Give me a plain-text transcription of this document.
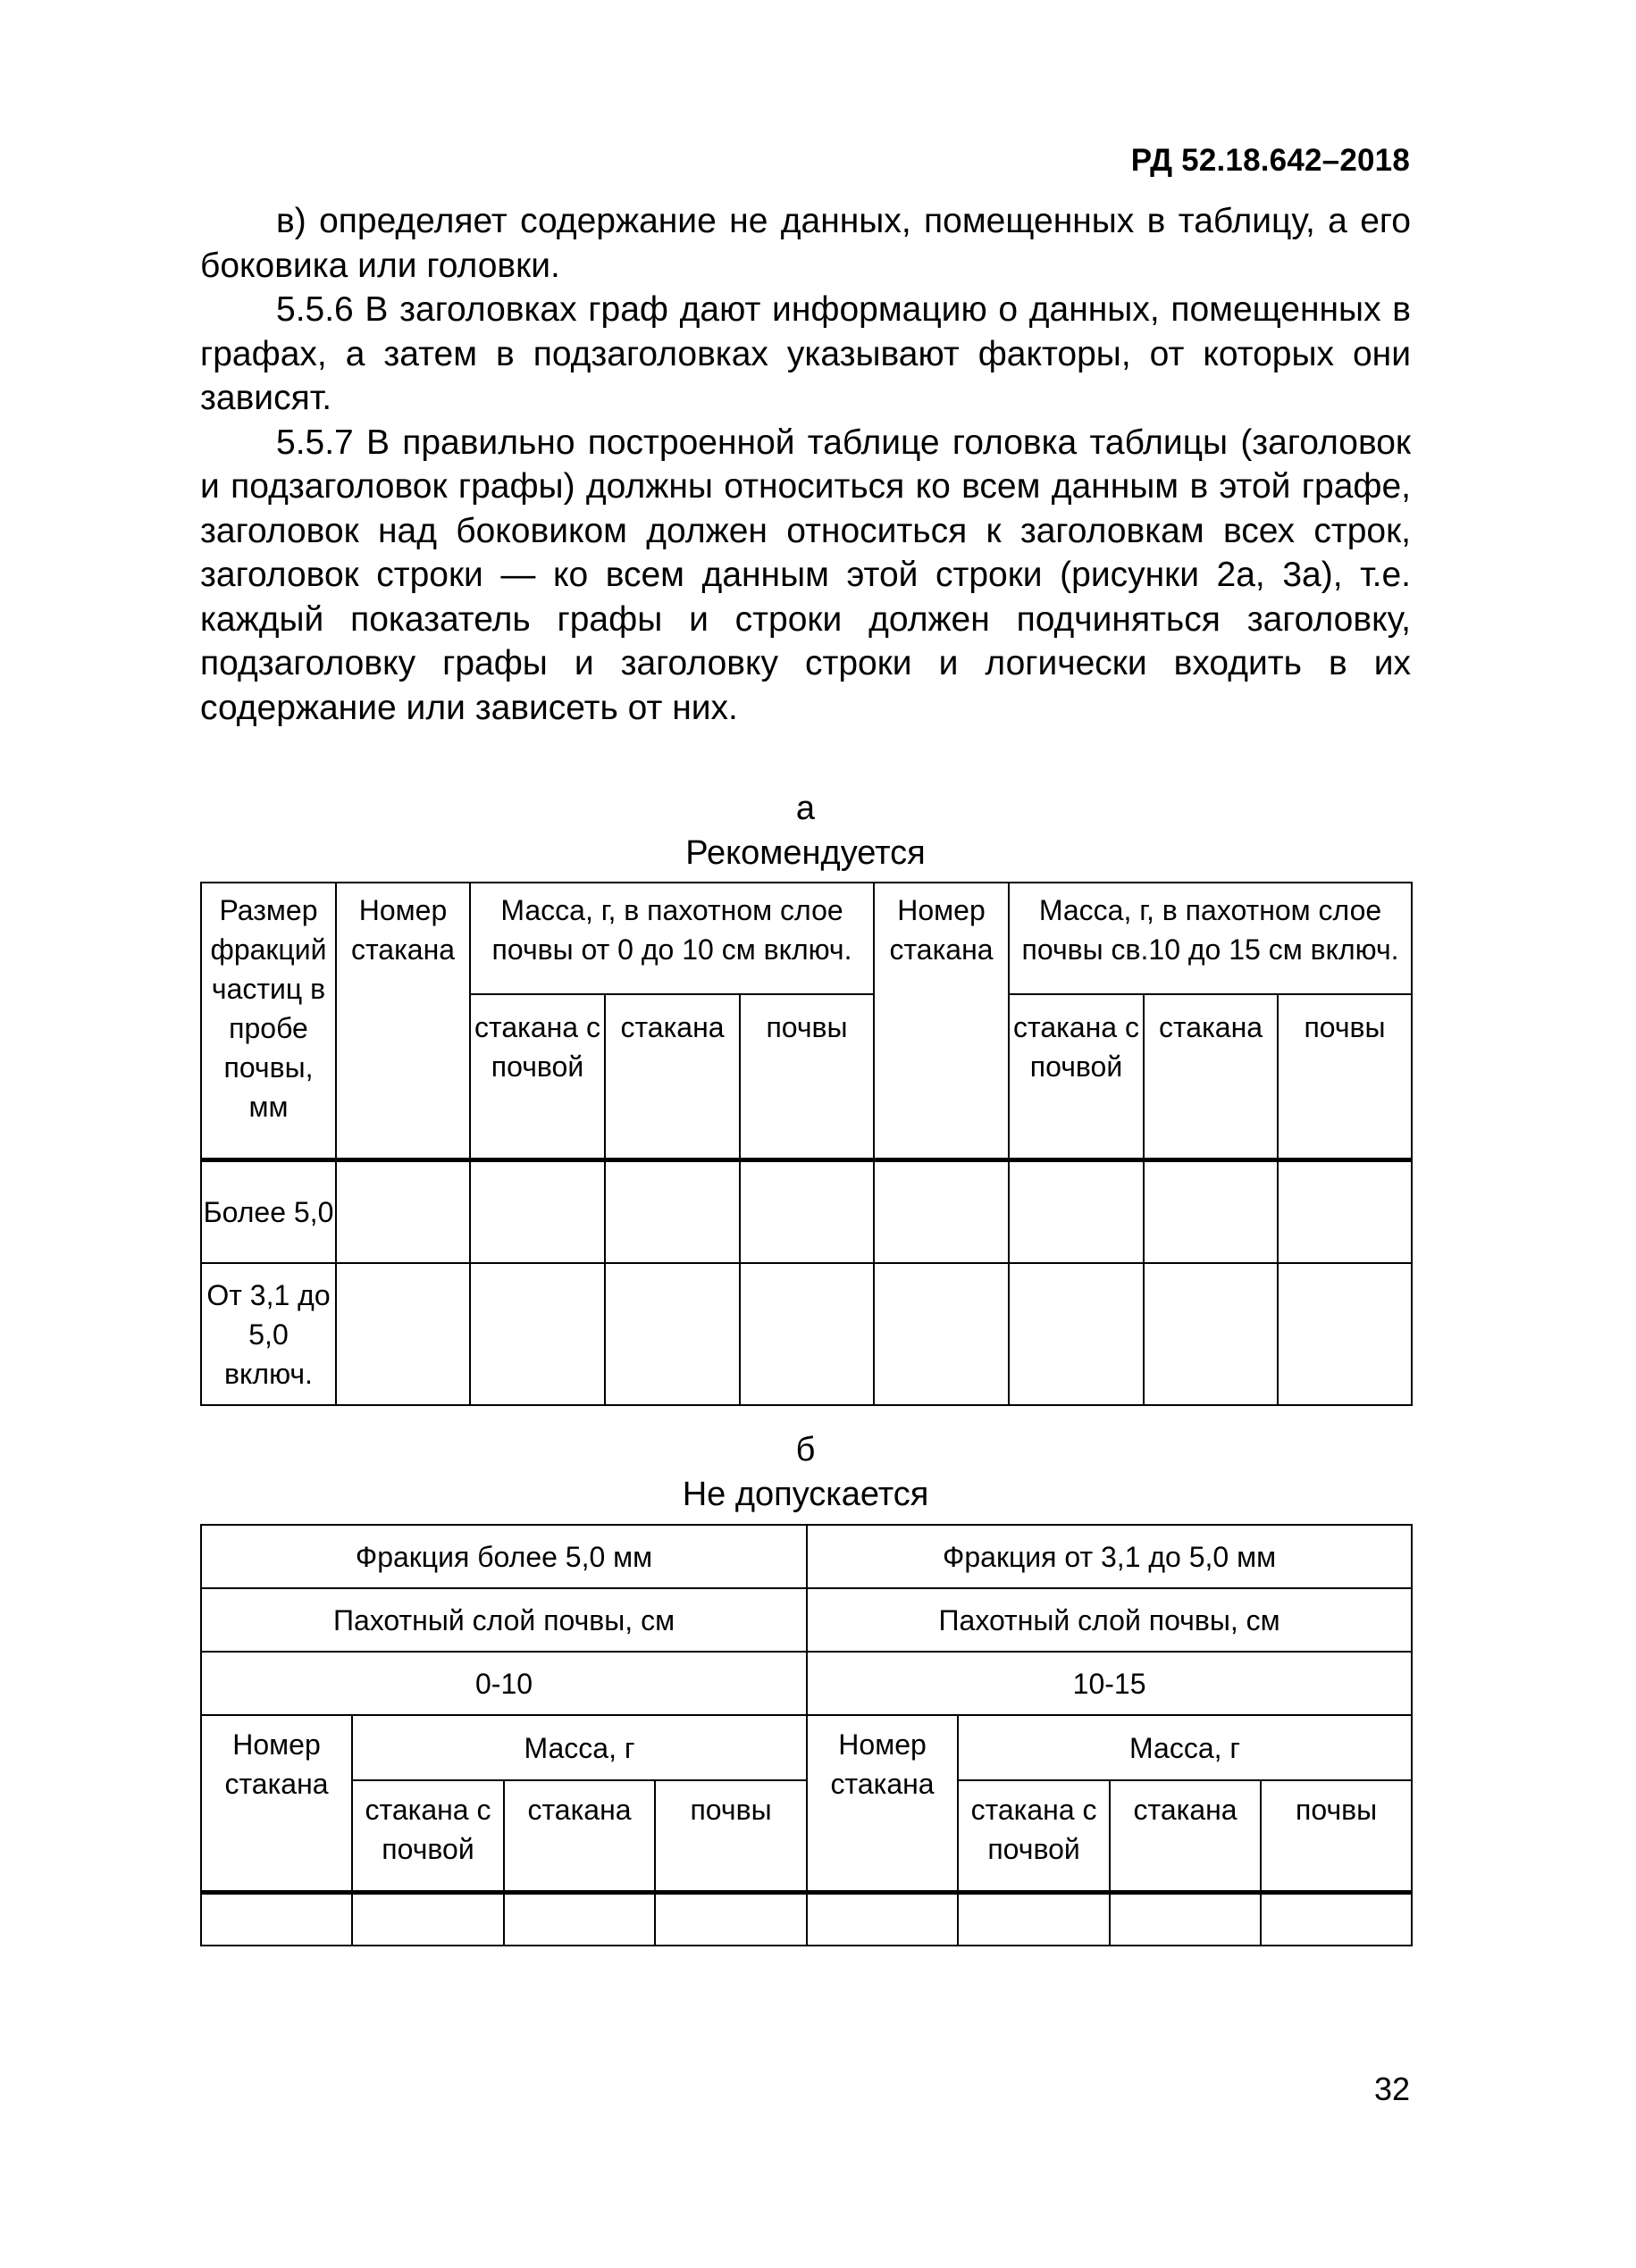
РД 52.18.642–2018

в) определяет содержание не данных, помещенных в таблицу, а его боковика или головки.

5.5.6 В заголовках граф дают информацию о данных, помещенных в графах, а затем в подзаголовках указывают факторы, от которых они зависят.

5.5.7 В правильно построенной таблице головка таблицы (заголовок и подзаголовок графы) должны относиться ко всем данным в этой графе, заголовок над боковиком должен относиться к заголовкам всех строк, заголовок строки — ко всем данным этой строки (рисунки 2а, 3а), т.е. каждый показатель графы и строки должен подчиняться заголовку, подзаголовку графы и заголовку строки и логически входить в их содержание или зависеть от них.

а
Рекомендуется
Размер фракций частиц в пробе почвы, мм	Номер стакана	Масса, г, в пахотном слое почвы от 0 до 10 см включ.			Номер стакана	Масса, г, в пахотном слое почвы св.10 до 15 см включ.		
		стакана с почвой	стакана	почвы		стакана с почвой	стакана	почвы
Более 5,0								
От 3,1 до 5,0 включ.								
б
Не допускается
Фракция более 5,0 мм				Фракция от 3,1 до 5,0 мм			
Пахотный слой почвы, см				Пахотный слой почвы, см			
0-10				10-15			
Номер стакана	Масса, г			Номер стакана	Масса, г		
	стакана с почвой	стакана	почвы		стакана с почвой	стакана	почвы

32
